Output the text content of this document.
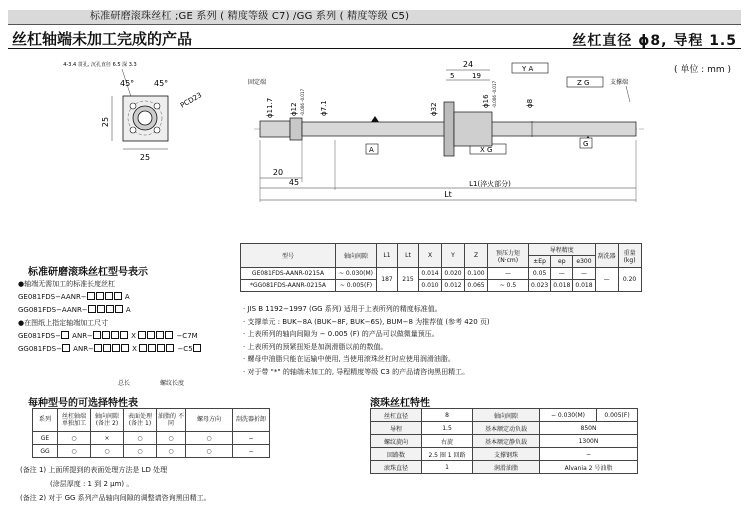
标准研磨滚珠丝杠 ;GE 系列 ( 精度等级 C7) /GG 系列 ( 精度等级 C5)
丝杠轴端未加工完成的产品	丝杠直径 ϕ8, 导程 1.5
( 单位 : mm )
4-3.4 贯孔, 沉孔直径 6.5 深 3.3
45° 45°
PCD23
25
25
固定端	支撑端
ϕ11.7 ϕ12 -0.006 -0.017 ϕ7.1	ϕ32
ϕ16 -0.006 -0.017	ϕ8
24
5	19
Y A
Z G
X G
A
G
20
45	L1(淬火部分)
Lt
型号	轴向间隙	L1	Lt	X	Y	Z	预压力矩 (N·cm)	导程精度			刮洗器	重量 (kg)
								±Ep	ep	e300		
GE081FDS-AANR-0215A	~ 0.030(M)	187	215	0.014	0.020	0.100	—	0.05	—	—	—	0.20
*GG081FDS-AANR-0215A	~ 0.005(F)			0.010	0.012	0.065	~ 0.5	0.023	0.018	0.018		
· JIS B 1192−1997 (GG 系列) 适用于上表所列的精度标准值。
· 支撑单元 : BUK−8A (BUK−8F, BUK−6S), BUM−8 为推荐值 (参考 420 页)
· 上表所列的轴向间隙为 − 0.005 (F) 的产品可以做微量预压。
· 上表所列的预紧扭矩是加润滑脂以前的数值。
· 螺母中油脂只能在运输中使用, 当使用滚珠丝杠时应使用润滑油脂。
· 对于带 "*" 的轴端未加工的, 导程精度等级 C3 的产品请咨询黑田精工。
标准研磨滚珠丝杠型号表示
●轴端无需加工的标准长度丝杠
GE081FDS−AANR−	A
GG081FDS−AANR−	A
●在图纸上指定轴端加工尺寸
GE081FDS− ANR−	X	−C7M
GG081FDS− ANR−	X	−C5
总长	螺纹长度
每种型号的可选择特性表
系列	丝杠轴端 单独加工	轴向间隙 (备注 2)	表面处理 (备注 1)	油脂的 不同	螺母方向	刮洗器折卸
GE	○	×	○	○	○	−
GG	○	○	○	○	○	−
(备注 1) 上面所提到的表面处理方法是 LD 处理
(涂层厚度 : 1 到 2 μm) 。
(备注 2) 对于 GG 系列产品轴向间隙的调整请咨询黑田精工。
滚珠丝杠特性
丝杠直径	8	轴向间隙	− 0.030(M)	0.005(F)
导程	1.5	基本额定动负载	850N	
螺纹旋向	右旋	基本额定静负载	1300N	
回路数	2.5 圈 1 回路	支撑钢珠	−	
滚珠直径	1	润滑油脂	Alvania 2 号油脂	
